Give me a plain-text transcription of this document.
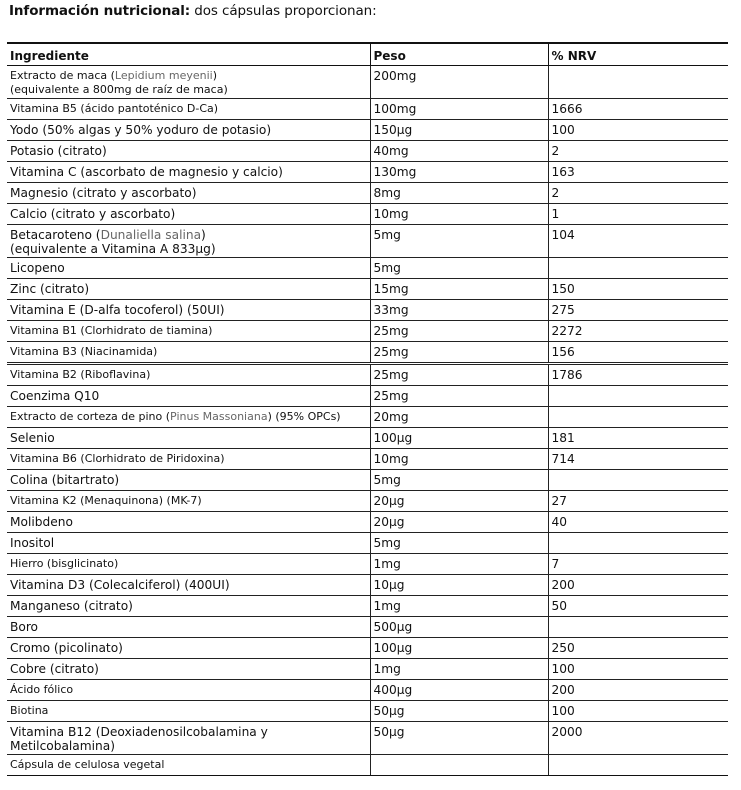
Información nutricional: dos cápsulas proporcionan:
Ingrediente	Peso	% NRV
Extracto de maca (Lepidium meyenii)
(equivalente a 800mg de raíz de maca)	200mg	
Vitamina B5 (ácido pantoténico D-Ca)	100mg	1666
Yodo (50% algas y 50% yoduro de potasio)	150µg	100
Potasio (citrato)	40mg	2
Vitamina C (ascorbato de magnesio y calcio)	130mg	163
Magnesio (citrato y ascorbato)	8mg	2
Calcio (citrato y ascorbato)	10mg	1
Betacaroteno (Dunaliella salina)
(equivalente a Vitamina A 833µg)	5mg	104
Licopeno	5mg	
Zinc (citrato)	15mg	150
Vitamina E (D-alfa tocoferol) (50UI)	33mg	275
Vitamina B1 (Clorhidrato de tiamina)	25mg	2272
Vitamina B3 (Niacinamida)	25mg	156
Vitamina B2 (Riboflavina)	25mg	1786
Coenzima Q10	25mg	
Extracto de corteza de pino (Pinus Massoniana) (95% OPCs)	20mg	
Selenio	100µg	181
Vitamina B6 (Clorhidrato de Piridoxina)	10mg	714
Colina (bitartrato)	5mg	
Vitamina K2 (Menaquinona) (MK-7)	20µg	27
Molibdeno	20µg	40
Inositol	5mg	
Hierro (bisglicinato)	1mg	7
Vitamina D3 (Colecalciferol) (400UI)	10µg	200
Manganeso (citrato)	1mg	50
Boro	500µg	
Cromo (picolinato)	100µg	250
Cobre (citrato)	1mg	100
Ácido fólico	400µg	200
Biotina	50µg	100
Vitamina B12 (Deoxiadenosilcobalamina y
Metilcobalamina)	50µg	2000
Cápsula de celulosa vegetal		
